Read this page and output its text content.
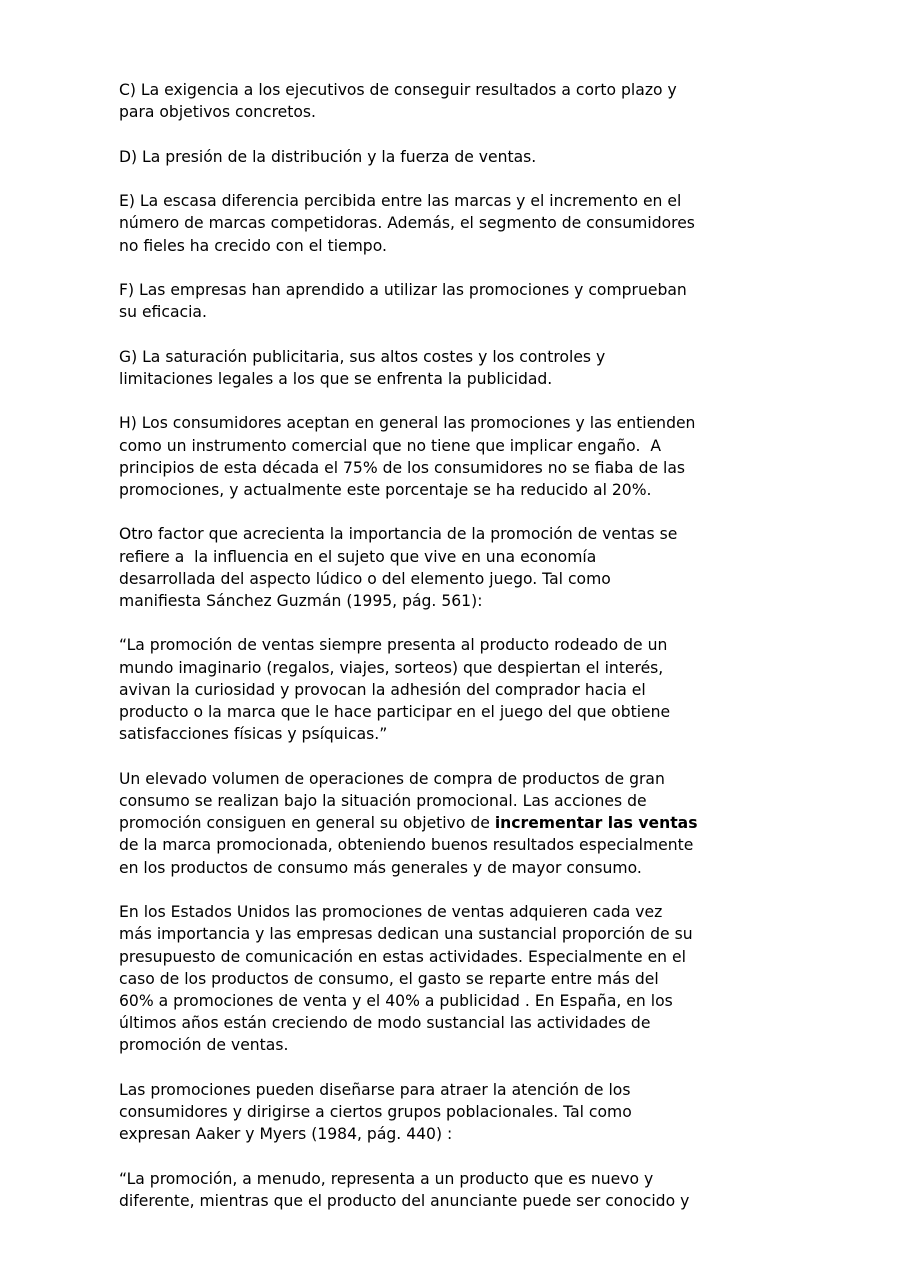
C) La exigencia a los ejecutivos de conseguir resultados a corto plazo y
para objetivos concretos.
D) La presión de la distribución y la fuerza de ventas.
E) La escasa diferencia percibida entre las marcas y el incremento en el
número de marcas competidoras. Además, el segmento de consumidores
no fieles ha crecido con el tiempo.
F) Las empresas han aprendido a utilizar las promociones y comprueban
su eficacia.
G) La saturación publicitaria, sus altos costes y los controles y
limitaciones legales a los que se enfrenta la publicidad.
H) Los consumidores aceptan en general las promociones y las entienden
como un instrumento comercial que no tiene que implicar engaño.  A
principios de esta década el 75% de los consumidores no se fiaba de las
promociones, y actualmente este porcentaje se ha reducido al 20%.
Otro factor que acrecienta la importancia de la promoción de ventas se
refiere a  la influencia en el sujeto que vive en una economía
desarrollada del aspecto lúdico o del elemento juego. Tal como
manifiesta Sánchez Guzmán (1995, pág. 561):
“La promoción de ventas siempre presenta al producto rodeado de un
mundo imaginario (regalos, viajes, sorteos) que despiertan el interés,
avivan la curiosidad y provocan la adhesión del comprador hacia el
producto o la marca que le hace participar en el juego del que obtiene
satisfacciones físicas y psíquicas.”
Un elevado volumen de operaciones de compra de productos de gran
consumo se realizan bajo la situación promocional. Las acciones de
promoción consiguen en general su objetivo de incrementar las ventas
de la marca promocionada, obteniendo buenos resultados especialmente
en los productos de consumo más generales y de mayor consumo.
En los Estados Unidos las promociones de ventas adquieren cada vez
más importancia y las empresas dedican una sustancial proporción de su
presupuesto de comunicación en estas actividades. Especialmente en el
caso de los productos de consumo, el gasto se reparte entre más del
60% a promociones de venta y el 40% a publicidad . En España, en los
últimos años están creciendo de modo sustancial las actividades de
promoción de ventas.
Las promociones pueden diseñarse para atraer la atención de los
consumidores y dirigirse a ciertos grupos poblacionales. Tal como
expresan Aaker y Myers (1984, pág. 440) :
“La promoción, a menudo, representa a un producto que es nuevo y
diferente, mientras que el producto del anunciante puede ser conocido y
